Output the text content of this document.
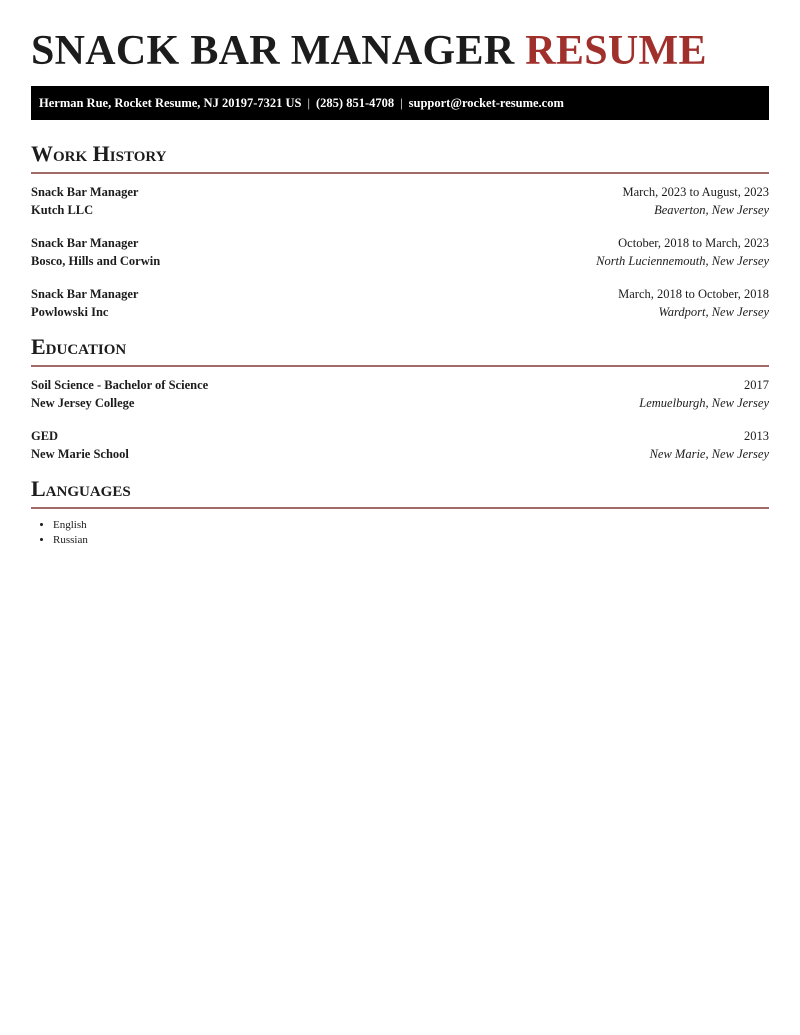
SNACK BAR MANAGER RESUME
Herman Rue, Rocket Resume, NJ 20197-7321 US | (285) 851-4708 | support@rocket-resume.com
Work History
Snack Bar Manager	March, 2023 to August, 2023
Kutch LLC	Beaverton, New Jersey
Snack Bar Manager	October, 2018 to March, 2023
Bosco, Hills and Corwin	North Luciennemouth, New Jersey
Snack Bar Manager	March, 2018 to October, 2018
Powlowski Inc	Wardport, New Jersey
Education
Soil Science - Bachelor of Science	2017
New Jersey College	Lemuelburgh, New Jersey
GED	2013
New Marie School	New Marie, New Jersey
Languages
• English
• Russian
